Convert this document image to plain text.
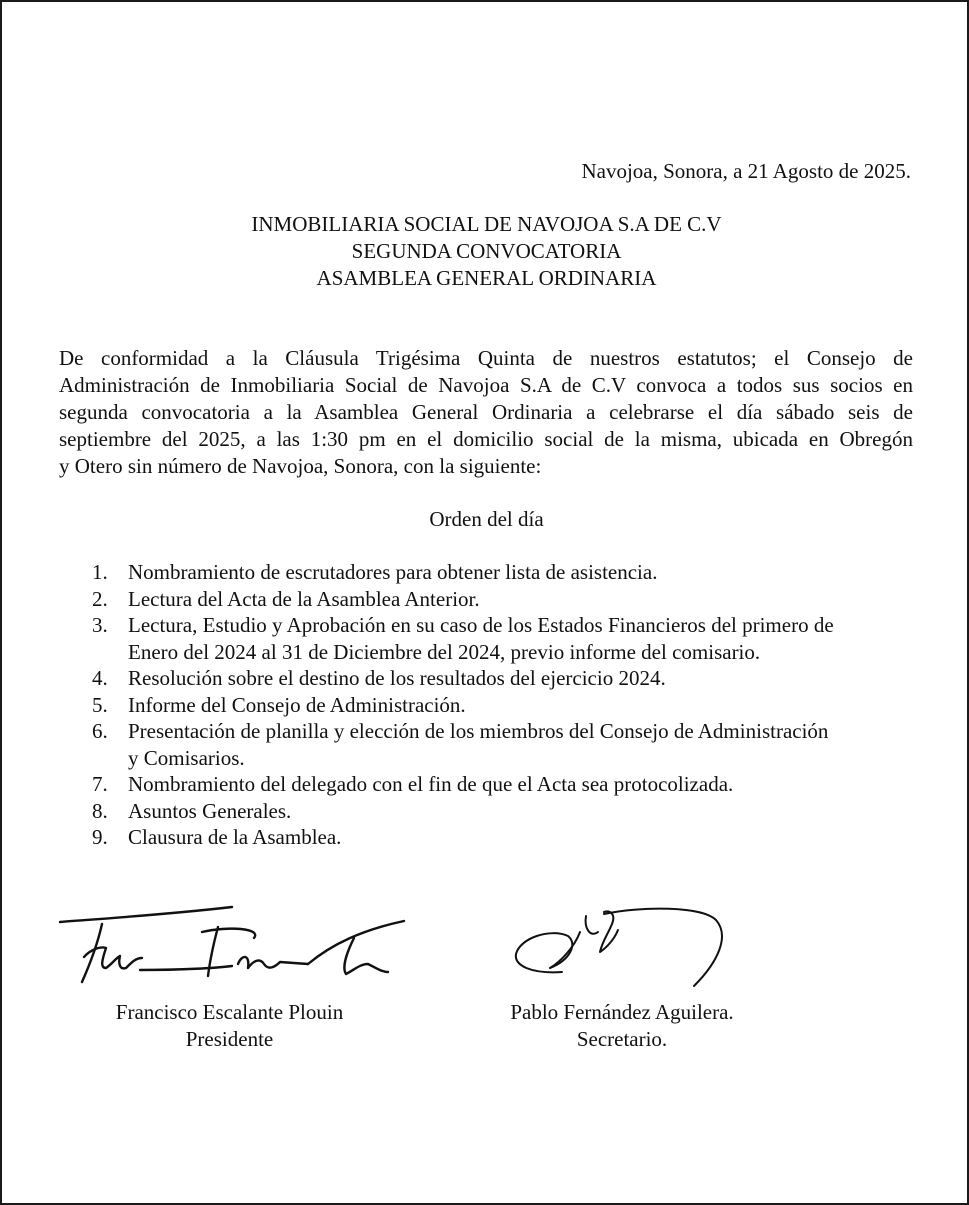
Navojoa, Sonora, a 21 Agosto de 2025.
INMOBILIARIA SOCIAL DE NAVOJOA S.A DE C.V
SEGUNDA CONVOCATORIA
ASAMBLEA GENERAL ORDINARIA
De conformidad a la Cláusula Trigésima Quinta de nuestros estatutos; el Consejo de
Administración de Inmobiliaria Social de Navojoa S.A de C.V convoca a todos sus socios en
segunda convocatoria a la Asamblea General Ordinaria a celebrarse el día sábado seis de
septiembre del 2025, a las 1:30 pm en el domicilio social de la misma, ubicada en Obregón
y Otero sin número de Navojoa, Sonora, con la siguiente:
Orden del día
1. Nombramiento de escrutadores para obtener lista de asistencia.
2. Lectura del Acta de la Asamblea Anterior.
3. Lectura, Estudio y Aprobación en su caso de los Estados Financieros del primero de
Enero del 2024 al 31 de Diciembre del 2024, previo informe del comisario.
4. Resolución sobre el destino de los resultados del ejercicio 2024.
5. Informe del Consejo de Administración.
6. Presentación de planilla y elección de los miembros del Consejo de Administración
y Comisarios.
7. Nombramiento del delegado con el fin de que el Acta sea protocolizada.
8. Asuntos Generales.
9. Clausura de la Asamblea.
Francisco Escalante Plouin
Presidente
Pablo Fernández Aguilera.
Secretario.
